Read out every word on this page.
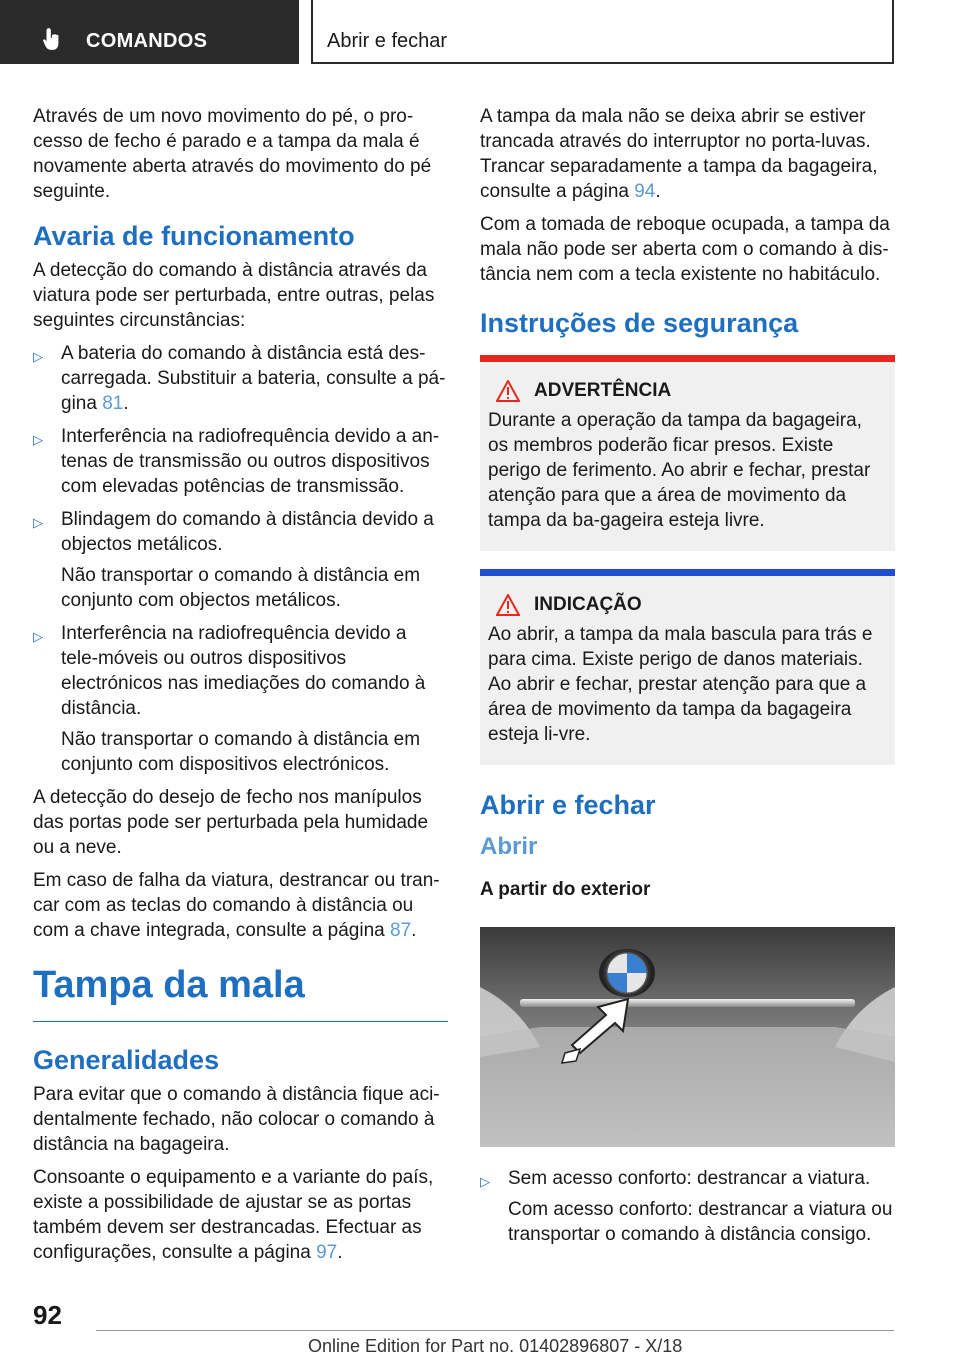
COMANDOS	Abrir e fechar

Através de um novo movimento do pé, o pro-cesso de fecho é parado e a tampa da mala é novamente aberta através do movimento do pé seguinte.

Avaria de funcionamento

A detecção do comando à distância através da viatura pode ser perturbada, entre outras, pelas seguintes circunstâncias:

▷ A bateria do comando à distância está des-carregada. Substituir a bateria, consulte a pá-gina 81.

▷ Interferência na radiofrequência devido a an-tenas de transmissão ou outros dispositivos com elevadas potências de transmissão.

▷ Blindagem do comando à distância devido a objectos metálicos.

Não transportar o comando à distância em conjunto com objectos metálicos.

▷ Interferência na radiofrequência devido a tele-móveis ou outros dispositivos electrónicos nas imediações do comando à distância.

Não transportar o comando à distância em conjunto com dispositivos electrónicos.

A detecção do desejo de fecho nos manípulos das portas pode ser perturbada pela humidade ou a neve.

Em caso de falha da viatura, destrancar ou tran-car com as teclas do comando à distância ou com a chave integrada, consulte a página 87.

Tampa da mala
Generalidades

Para evitar que o comando à distância fique aci-dentalmente fechado, não colocar o comando à distância na bagageira.

Consoante o equipamento e a variante do país, existe a possibilidade de ajustar se as portas também devem ser destrancadas. Efectuar as configurações, consulte a página 97.

A tampa da mala não se deixa abrir se estiver trancada através do interruptor no porta-luvas. Trancar separadamente a tampa da bagageira, consulte a página 94.

Com a tomada de reboque ocupada, a tampa da mala não pode ser aberta com o comando à dis-tância nem com a tecla existente no habitáculo.

Instruções de segurança
ADVERTÊNCIA

Durante a operação da tampa da bagageira, os membros poderão ficar presos. Existe perigo de ferimento. Ao abrir e fechar, prestar atenção para que a área de movimento da tampa da ba-gageira esteja livre.

INDICAÇÃO

Ao abrir, a tampa da mala bascula para trás e para cima. Existe perigo de danos materiais. Ao abrir e fechar, prestar atenção para que a área de movimento da tampa da bagageira esteja li-vre.

Abrir e fechar
Abrir
A partir do exterior
▷ Sem acesso conforto: destrancar a viatura.

Com acesso conforto: destrancar a viatura ou transportar o comando à distância consigo.

92
Online Edition for Part no. 01402896807 - X/18
